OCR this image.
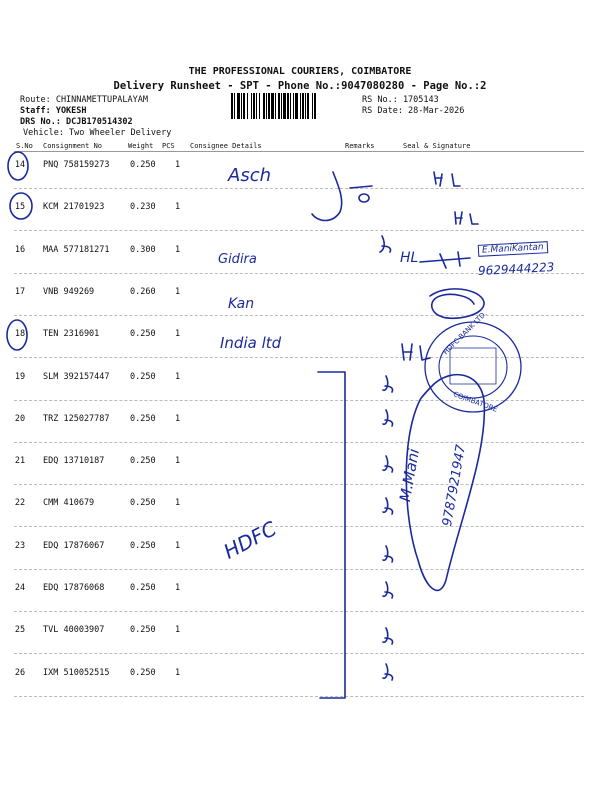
THE PROFESSIONAL COURIERS, COIMBATORE
Delivery Runsheet - SPT - Phone No.:9047080280 - Page No.:2
Route: CHINNAMETTUPALAYAM
Staff: YOKESH
DRS No.: DCJB170514302
Vehicle: Two Wheeler Delivery
RS No.: 1705143
RS Date: 28-Mar-2026
S.No Consignment No	Weight PCS Consignee Details	Remarks	Seal & Signature
14	PNQ 758159273 0.250 1
15	KCM 21701923	0.230 1
16	MAA 577181271 0.300 1
17	VNB 949269	0.260 1
18	TEN 2316901	0.250 1
19	SLM 392157447 0.250 1
20	TRZ 125027787 0.250 1
21	EDQ 13710187	0.250 1
22	CMM 410679	0.250 1
23	EDQ 17876067	0.250 1
24	EDQ 17876068	0.250 1
25	TVL 40003907	0.250 1
26	IXM 510052515 0.250 1
Asch
Gidira
Kan
India ltd
HDFC
E.ManiKantan
9629444223
HL
M.Mani 9787921947
HDFC BANK LTD.
COIMBATORE
